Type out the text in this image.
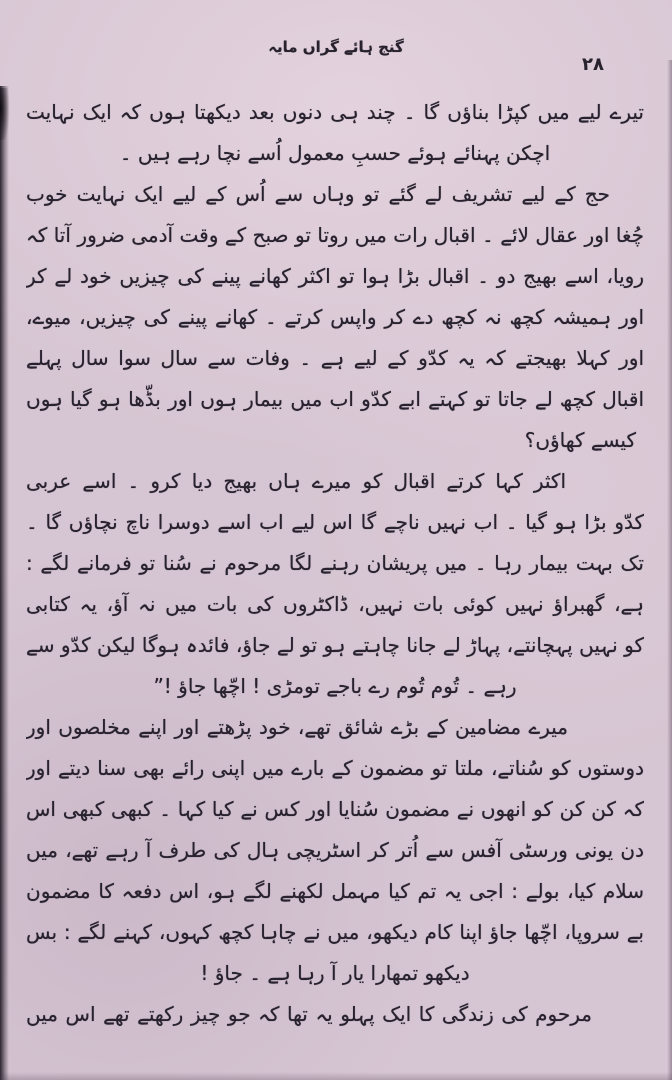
گنج ہائے گراں مایہ
۲۸
تیرے لیے میں کپڑا بناؤں گا ۔ چند ہی دنوں بعد دیکھتا ہوں کہ ایک نہایت
اچکن پہنائے ہوئے حسبِ معمول اُسے نچا رہے ہیں ۔
حج کے لیے تشریف لے گئے تو وہاں سے اُس کے لیے ایک نہایت خوب
چُغا اور عقال لائے ۔ اقبال رات میں روتا تو صبح کے وقت آدمی ضرور آتا کہ
رویا، اسے بھیج دو ۔ اقبال بڑا ہوا تو اکثر کھانے پینے کی چیزیں خود لے کر
اور ہمیشہ کچھ نہ کچھ دے کر واپس کرتے ۔ کھانے پینے کی چیزیں، میوے،
اور کہلا بھیجتے کہ یہ کدّو کے لیے ہے ۔ وفات سے سال سوا سال پہلے
اقبال کچھ لے جاتا تو کہتے ابے کدّو اب میں بیمار ہوں اور بڈّھا ہو گیا ہوں
کیسے کھاؤں؟
اکثر کہا کرتے اقبال کو میرے ہاں بھیج دیا کرو ۔ اسے عربی
کدّو بڑا ہو گیا ۔ اب نہیں ناچے گا اس لیے اب اسے دوسرا ناچ نچاؤں گا ۔
تک بہت بیمار رہا ۔ میں پریشان رہنے لگا مرحوم نے سُنا تو فرمانے لگے :
ہے، گھبراؤ نہیں کوئی بات نہیں، ڈاکٹروں کی بات میں نہ آؤ، یہ کتابی
کو نہیں پہچانتے، پہاڑ لے جانا چاہتے ہو تو لے جاؤ، فائدہ ہوگا لیکن کدّو سے
رہے ۔ تُوم تُوم رے باجے تومڑی ! اچّھا جاؤ !”
میرے مضامین کے بڑے شائق تھے، خود پڑھتے اور اپنے مخلصوں اور
دوستوں کو سُناتے، ملتا تو مضمون کے بارے میں اپنی رائے بھی سنا دیتے اور
کہ کن کن کو انھوں نے مضمون سُنایا اور کس نے کیا کہا ۔ کبھی کبھی اس
دن یونی ورسٹی آفس سے اُتر کر اسٹریچی ہال کی طرف آ رہے تھے، میں
سلام کیا، بولے : اجی یہ تم کیا مہمل لکھنے لگے ہو، اس دفعہ کا مضمون
بے سروپا، اچّھا جاؤ اپنا کام دیکھو، میں نے چاہا کچھ کہوں، کہنے لگے : بس
دیکھو تمھارا یار آ رہا ہے ۔ جاؤ !
مرحوم کی زندگی کا ایک پہلو یہ تھا کہ جو چیز رکھتے تھے اس میں
